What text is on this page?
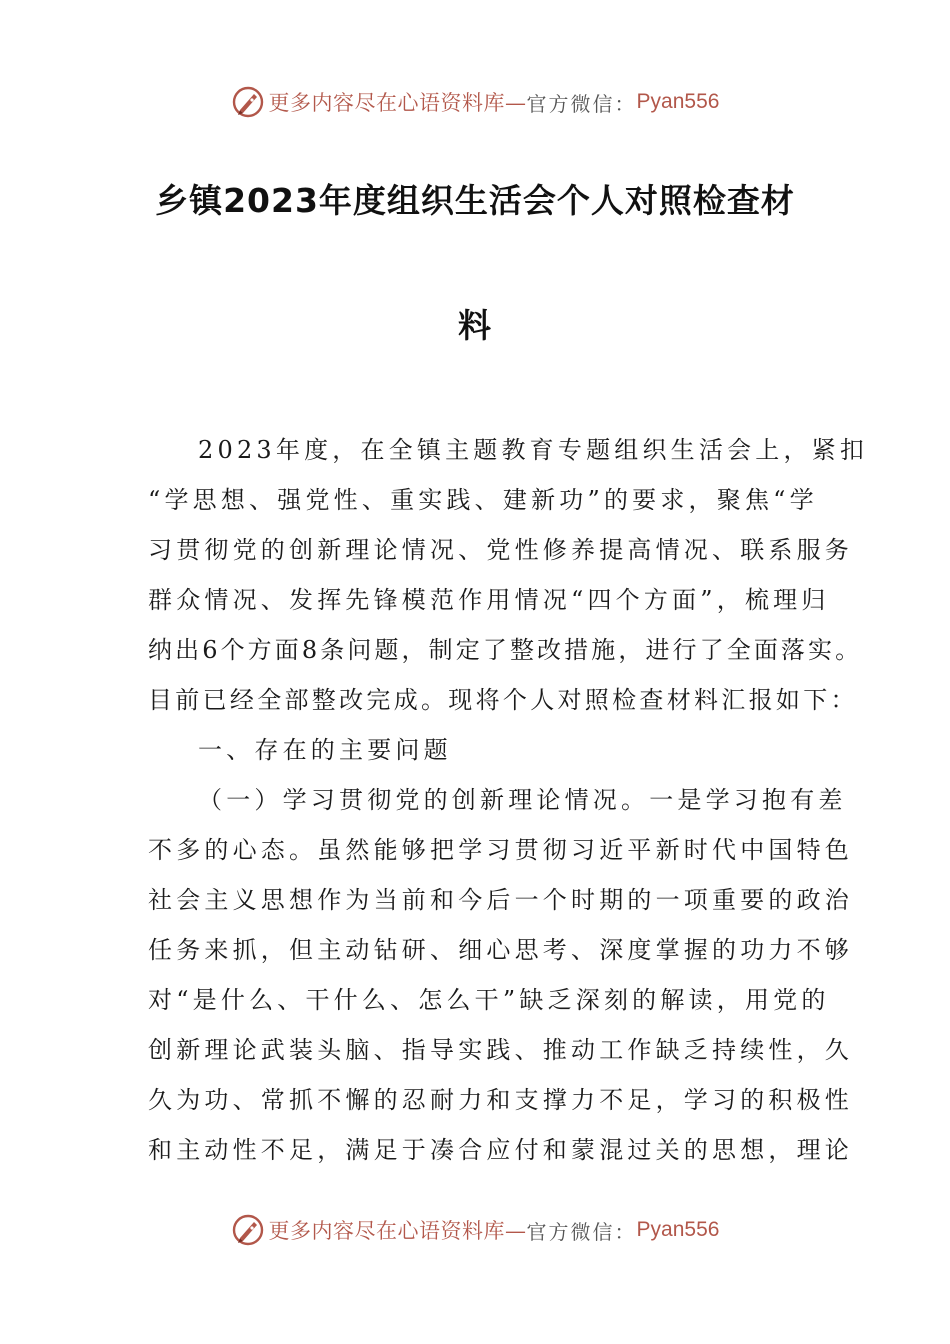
更多内容尽在心语资料库— 官方微信： Pyan556
乡镇2023年度组织生活会个人对照检查材
料
2023年度，在全镇主题教育专题组织生活会上，紧扣
“学思想、强党性、重实践、建新功”的要求，聚焦“学
习贯彻党的创新理论情况、党性修养提高情况、联系服务
群众情况、发挥先锋模范作用情况“四个方面”，梳理归
纳出6个方面8条问题，制定了整改措施，进行了全面落实。
目前已经全部整改完成。现将个人对照检查材料汇报如下：
一、存在的主要问题
（一）学习贯彻党的创新理论情况。一是学习抱有差
不多的心态。虽然能够把学习贯彻习近平新时代中国特色
社会主义思想作为当前和今后一个时期的一项重要的政治
任务来抓，但主动钻研、细心思考、深度掌握的功力不够
对“是什么、干什么、怎么干”缺乏深刻的解读，用党的
创新理论武装头脑、指导实践、推动工作缺乏持续性，久
久为功、常抓不懈的忍耐力和支撑力不足，学习的积极性
和主动性不足，满足于凑合应付和蒙混过关的思想，理论
更多内容尽在心语资料库— 官方微信： Pyan556
